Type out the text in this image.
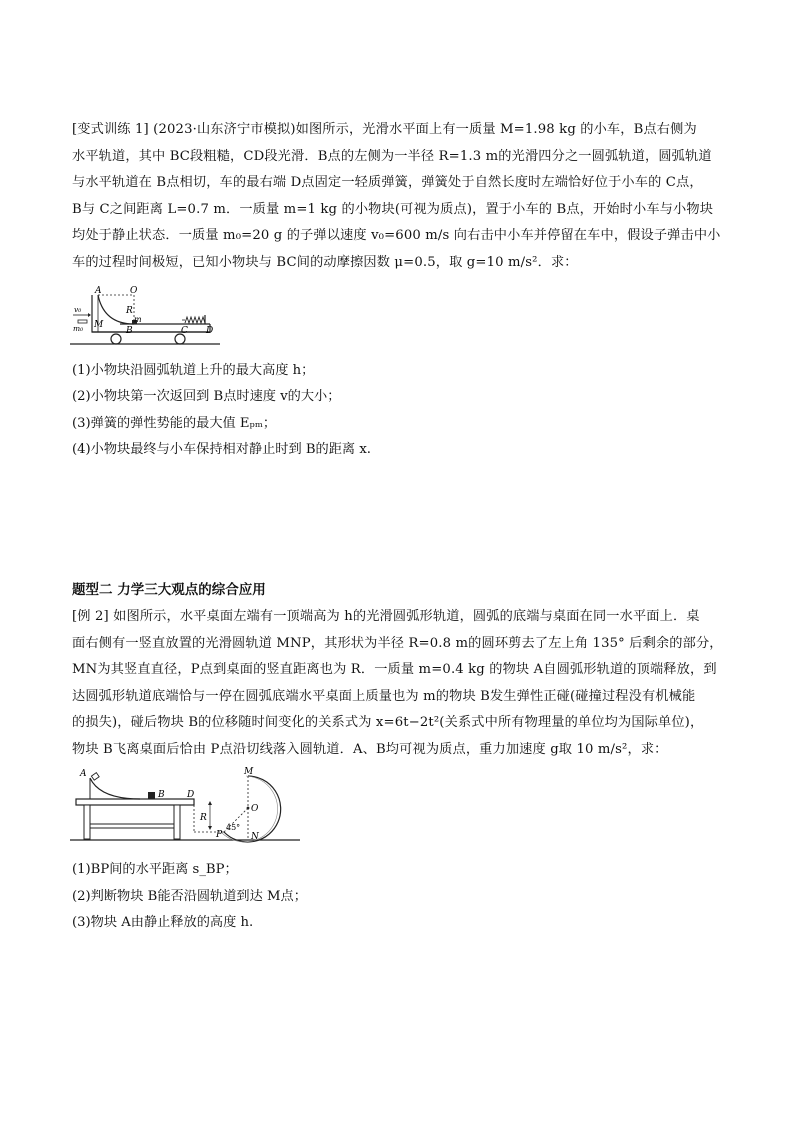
[变式训练 1] (2023·山东济宁市模拟)如图所示，光滑水平面上有一质量 M=1.98 kg 的小车，B点右侧为
水平轨道，其中 BC段粗糙，CD段光滑．B点的左侧为一半径 R=1.3 m的光滑四分之一圆弧轨道，圆弧轨道
与水平轨道在 B点相切，车的最右端 D点固定一轻质弹簧，弹簧处于自然长度时左端恰好位于小车的 C点，
B与 C之间距离 L=0.7 m．一质量 m=1 kg 的小物块(可视为质点)，置于小车的 B点，开始时小车与小物块
均处于静止状态．一质量 m₀=20 g 的子弹以速度 v₀=600 m/s 向右击中小车并停留在车中，假设子弹击中小
车的过程时间极短，已知小物块与 BC间的动摩擦因数 μ=0.5，取 g=10 m/s²．求：
A	O
R
m
v₀
M
m₀	B	C D
(1)小物块沿圆弧轨道上升的最大高度 h；
(2)小物块第一次返回到 B点时速度 v的大小；
(3)弹簧的弹性势能的最大值 Eₚₘ；
(4)小物块最终与小车保持相对静止时到 B的距离 x.
题型二 力学三大观点的综合应用
[例 2] 如图所示，水平桌面左端有一顶端高为 h的光滑圆弧形轨道，圆弧的底端与桌面在同一水平面上．桌
面右侧有一竖直放置的光滑圆轨道 MNP，其形状为半径 R=0.8 m的圆环剪去了左上角 135° 后剩余的部分，
MN为其竖直直径，P点到桌面的竖直距离也为 R．一质量 m=0.4 kg 的物块 A自圆弧形轨道的顶端释放，到
达圆弧形轨道底端恰与一停在圆弧底端水平桌面上质量也为 m的物块 B发生弹性正碰(碰撞过程没有机械能
的损失)，碰后物块 B的位移随时间变化的关系式为 x=6t−2t²(关系式中所有物理量的单位均为国际单位)，
物块 B飞离桌面后恰由 P点沿切线落入圆轨道．A、B均可视为质点，重力加速度 g取 10 m/s²，求：
A
B D
R
M
O
P
45°
N
(1)BP间的水平距离 s_BP；
(2)判断物块 B能否沿圆轨道到达 M点；
(3)物块 A由静止释放的高度 h.
